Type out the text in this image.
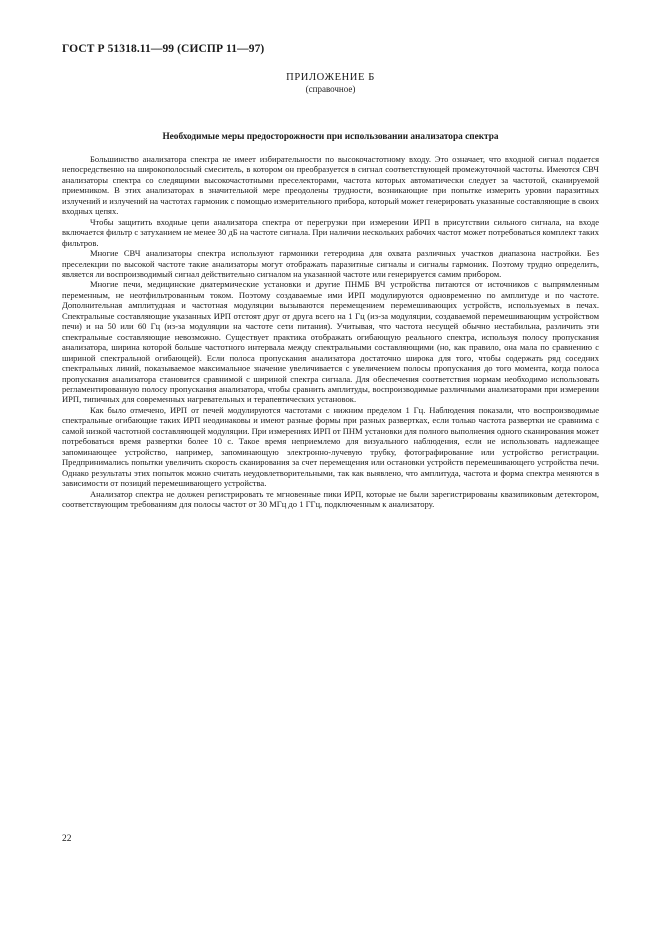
ГОСТ Р 51318.11—99 (СИСПР 11—97)
ПРИЛОЖЕНИЕ Б
(справочное)
Необходимые меры предосторожности при использовании анализатора спектра

Большинство анализатора спектра не имеет избирательности по высокочастотному входу. Это означает, что входной сигнал подается непосредственно на широкополосный смеситель, в котором он преобразуется в сигнал соответствующей промежуточной частоты. Имеются СВЧ анализаторы спектра со следящими высокочастотными преселекторами, частота которых автоматически следует за частотой, сканируемой приемником. В этих анализаторах в значительной мере преодолены трудности, возникающие при попытке измерить уровни паразитных излучений и излучений на частотах гармоник с помощью измерительного прибора, который может генерировать указанные составляющие в своих входных цепях.

Чтобы защитить входные цепи анализатора спектра от перегрузки при измерении ИРП в присутствии сильного сигнала, на входе включается фильтр с затуханием не менее 30 дБ на частоте сигнала. При наличии нескольких рабочих частот может потребоваться комплект таких фильтров.

Многие СВЧ анализаторы спектра используют гармоники гетеродина для охвата различных участков диапазона настройки. Без преселекции по высокой частоте такие анализаторы могут отображать паразитные сигналы и сигналы гармоник. Поэтому трудно определить, является ли воспроизводимый сигнал действительно сигналом на указанной частоте или генерируется самим прибором.

Многие печи, медицинские диатермические установки и другие ПНМБ ВЧ устройства питаются от источников с выпрямленным переменным, не неотфильтрованным током. Поэтому создаваемые ими ИРП модулируются одновременно по амплитуде и по частоте. Дополнительная амплитудная и частотная модуляции вызываются перемещением перемешивающих устройств, используемых в печах. Спектральные составляющие указанных ИРП отстоят друг от друга всего на 1 Гц (из-за модуляции, создаваемой перемешивающим устройством печи) и на 50 или 60 Гц (из-за модуляции на частоте сети питания). Учитывая, что частота несущей обычно нестабильна, различить эти спектральные составляющие невозможно. Существует практика отображать огибающую реального спектра, используя полосу пропускания анализатора, ширина которой больше частотного интервала между спектральными составляющими (но, как правило, она мала по сравнению с шириной спектральной огибающей). Если полоса пропускания анализатора достаточно широка для того, чтобы содержать ряд соседних спектральных линий, показываемое максимальное значение увеличивается с увеличением полосы пропускания до того момента, когда полоса пропускания анализатора становится сравнимой с шириной спектра сигнала. Для обеспечения соответствия нормам необходимо использовать регламентированную полосу пропускания анализатора, чтобы сравнить амплитуды, воспроизводимые различными анализаторами при измерении ИРП, типичных для современных нагревательных и терапевтических установок.

Как было отмечено, ИРП от печей модулируются частотами с нижним пределом 1 Гц. Наблюдения показали, что воспроизводимые спектральные огибающие таких ИРП неодинаковы и имеют разные формы при разных развертках, если только частота развертки не сравнима с самой низкой частотной составляющей модуляции. При измерениях ИРП от ПНМ установки для полного выполнения одного сканирования может потребоваться время развертки более 10 с. Такое время неприемлемо для визуального наблюдения, если не использовать надлежащее запоминающее устройство, например, запоминающую электронно-лучевую трубку, фотографирование или устройство регистрации. Предпринимались попытки увеличить скорость сканирования за счет перемещения или остановки устройств перемешивающего устройства печи. Однако результаты этих попыток можно считать неудовлетворительными, так как выявлено, что амплитуда, частота и форма спектра меняются в зависимости от позиций перемешивающего устройства.

Анализатор спектра не должен регистрировать те мгновенные пики ИРП, которые не были зарегистрированы квазипиковым детектором, соответствующим требованиям для полосы частот от 30 МГц до 1 ГГц, подключенным к анализатору.

22
